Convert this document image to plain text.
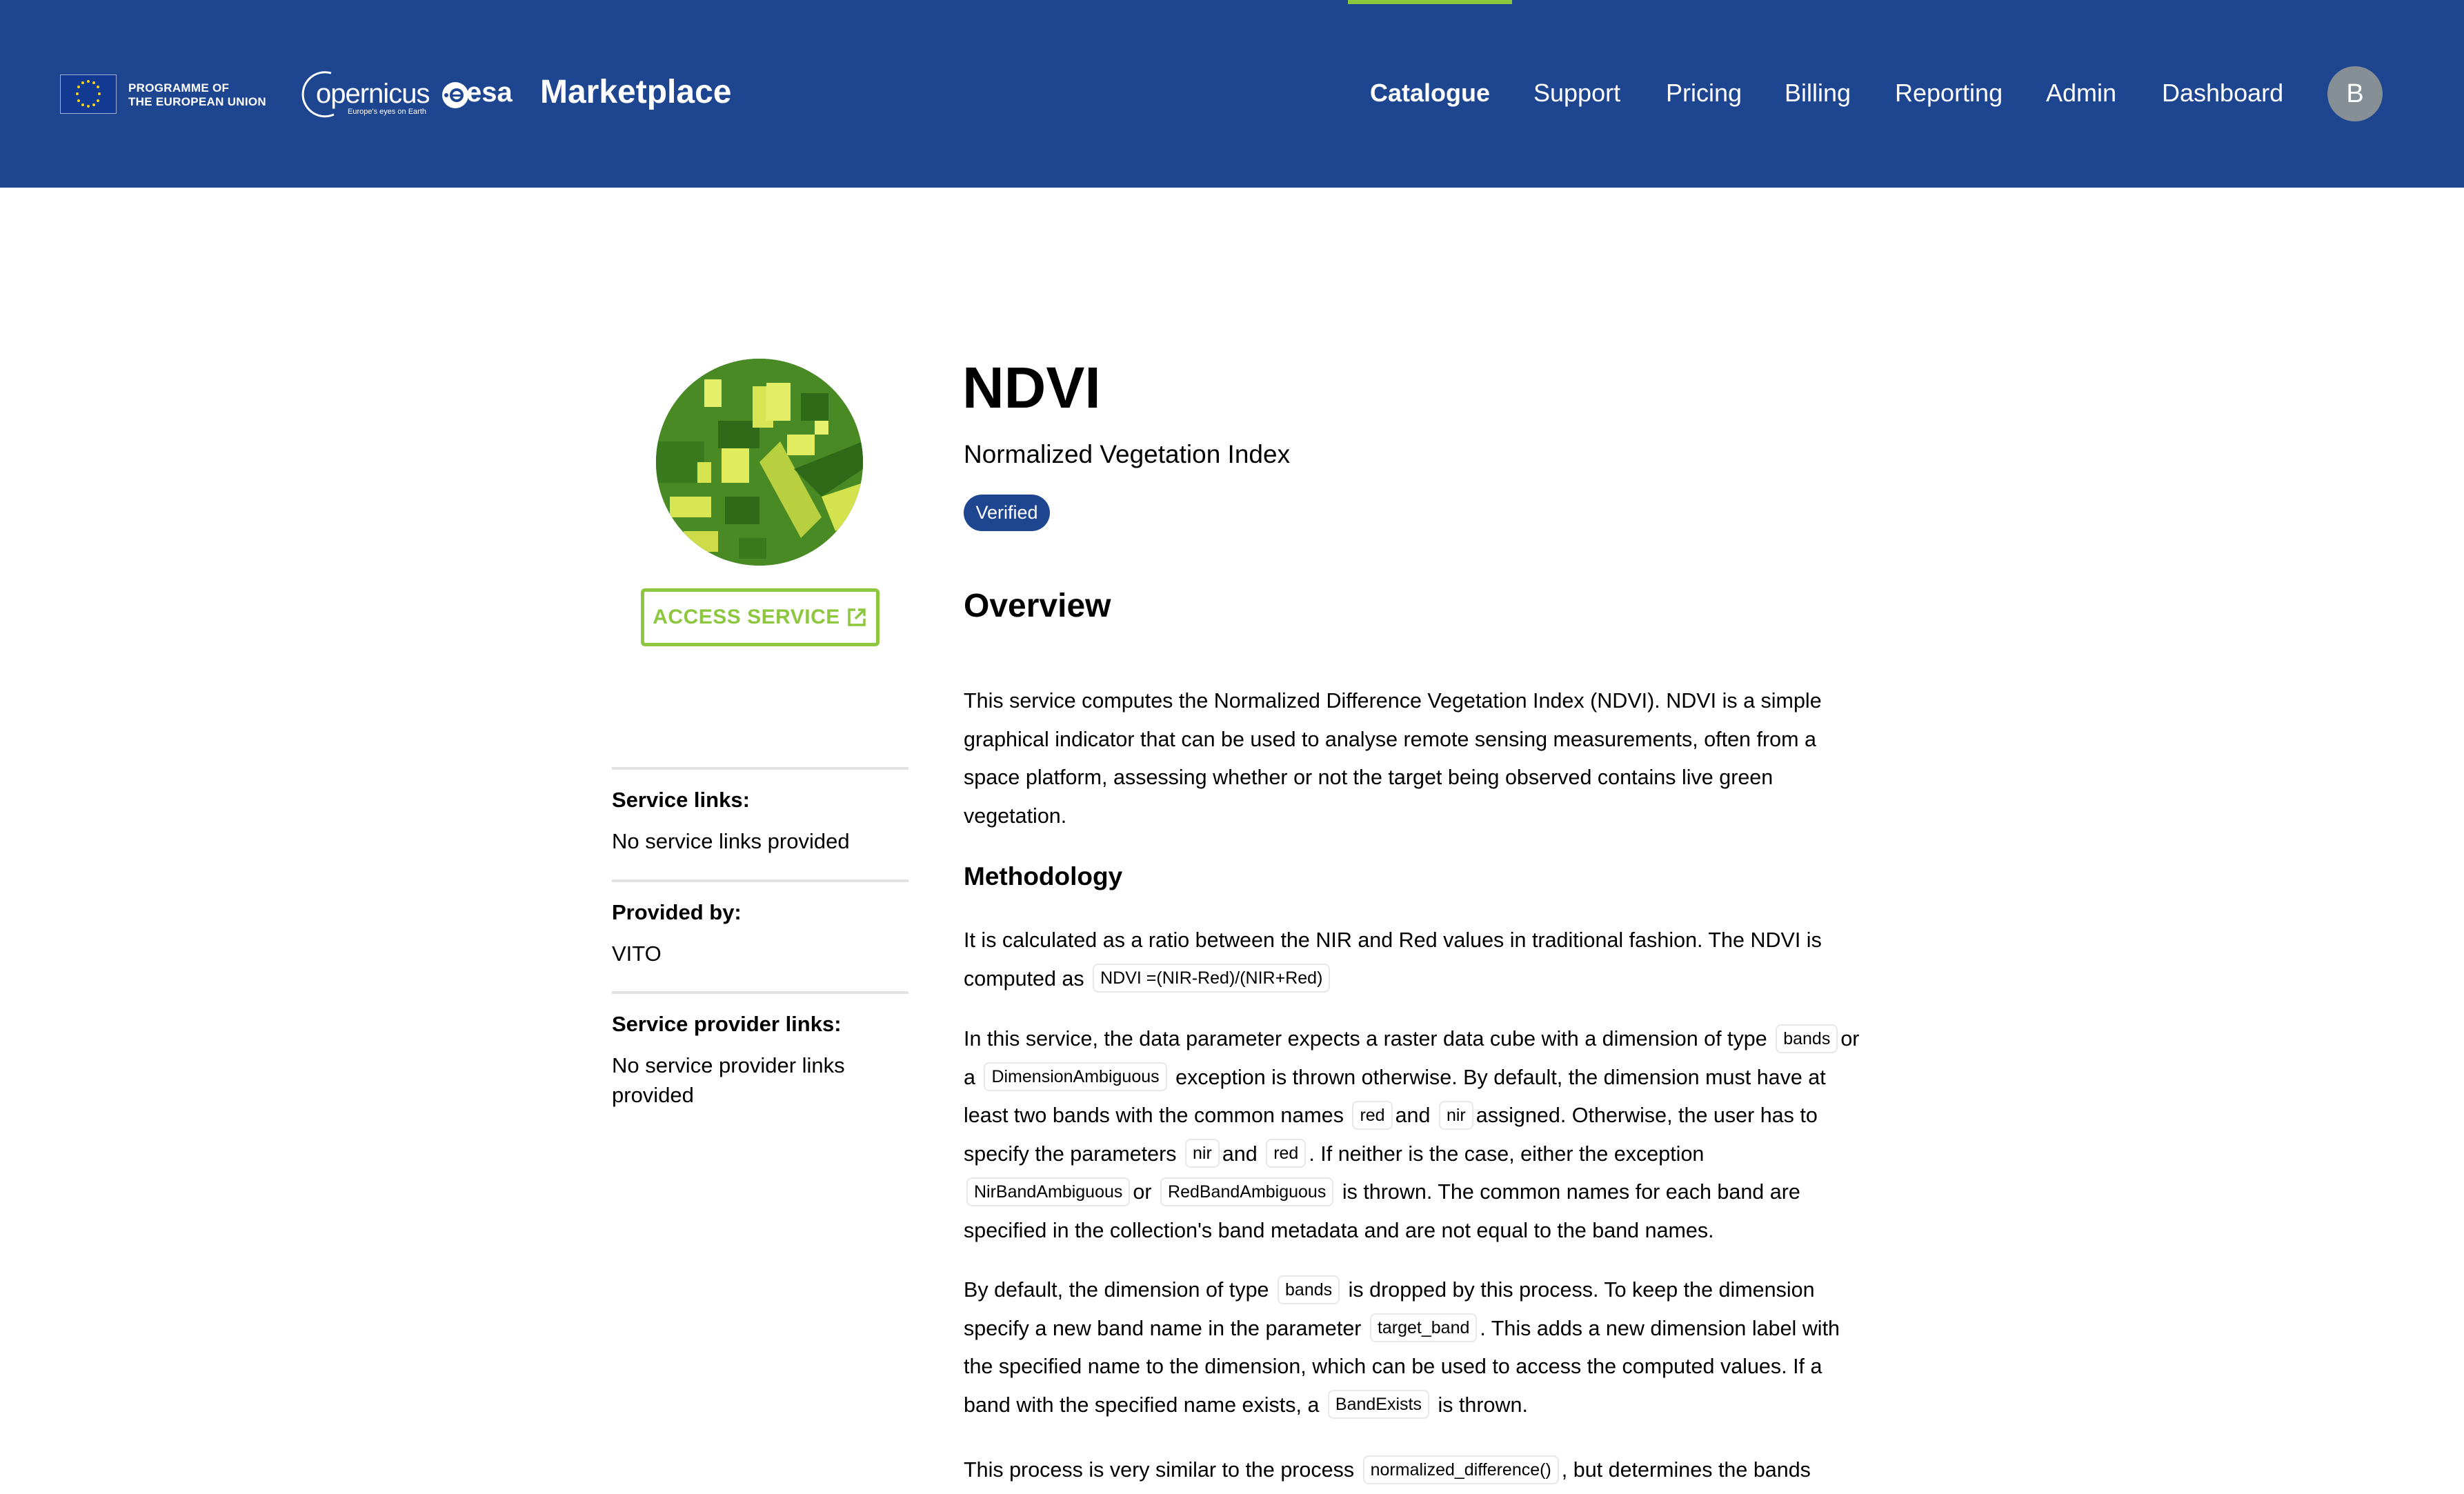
PROGRAMME OF
THE EUROPEAN UNION opernicus
Europe's eyes on Earth
esa Marketplace	Catalogue Support Pricing Billing Reporting Admin Dashboard	B
ACCESS SERVICE
Service links:
No service links provided
Provided by:
VITO
Service provider links:
No service provider links provided
NDVI
Normalized Vegetation Index
Verified
Overview

This service computes the Normalized Difference Vegetation Index (NDVI). NDVI is a simple graphical indicator that can be used to analyse remote sensing measurements, often from a space platform, assessing whether or not the target being observed contains live green vegetation.

Methodology

It is calculated as a ratio between the NIR and Red values in traditional fashion. The NDVI is computed as NDVI =(NIR-Red)/(NIR+Red)

In this service, the data parameter expects a raster data cube with a dimension of type bands or a DimensionAmbiguous exception is thrown otherwise. By default, the dimension must have at least two bands with the common names red and nir assigned. Otherwise, the user has to specify the parameters nir and red . If neither is the case, either the exception NirBandAmbiguous or RedBandAmbiguous is thrown. The common names for each band are specified in the collection's band metadata and are not equal to the band names.

By default, the dimension of type bands is dropped by this process. To keep the dimension specify a new band name in the parameter target_band . This adds a new dimension label with the specified name to the dimension, which can be used to access the computed values. If a band with the specified name exists, a BandExists is thrown.

This process is very similar to the process normalized_difference() , but determines the bands
